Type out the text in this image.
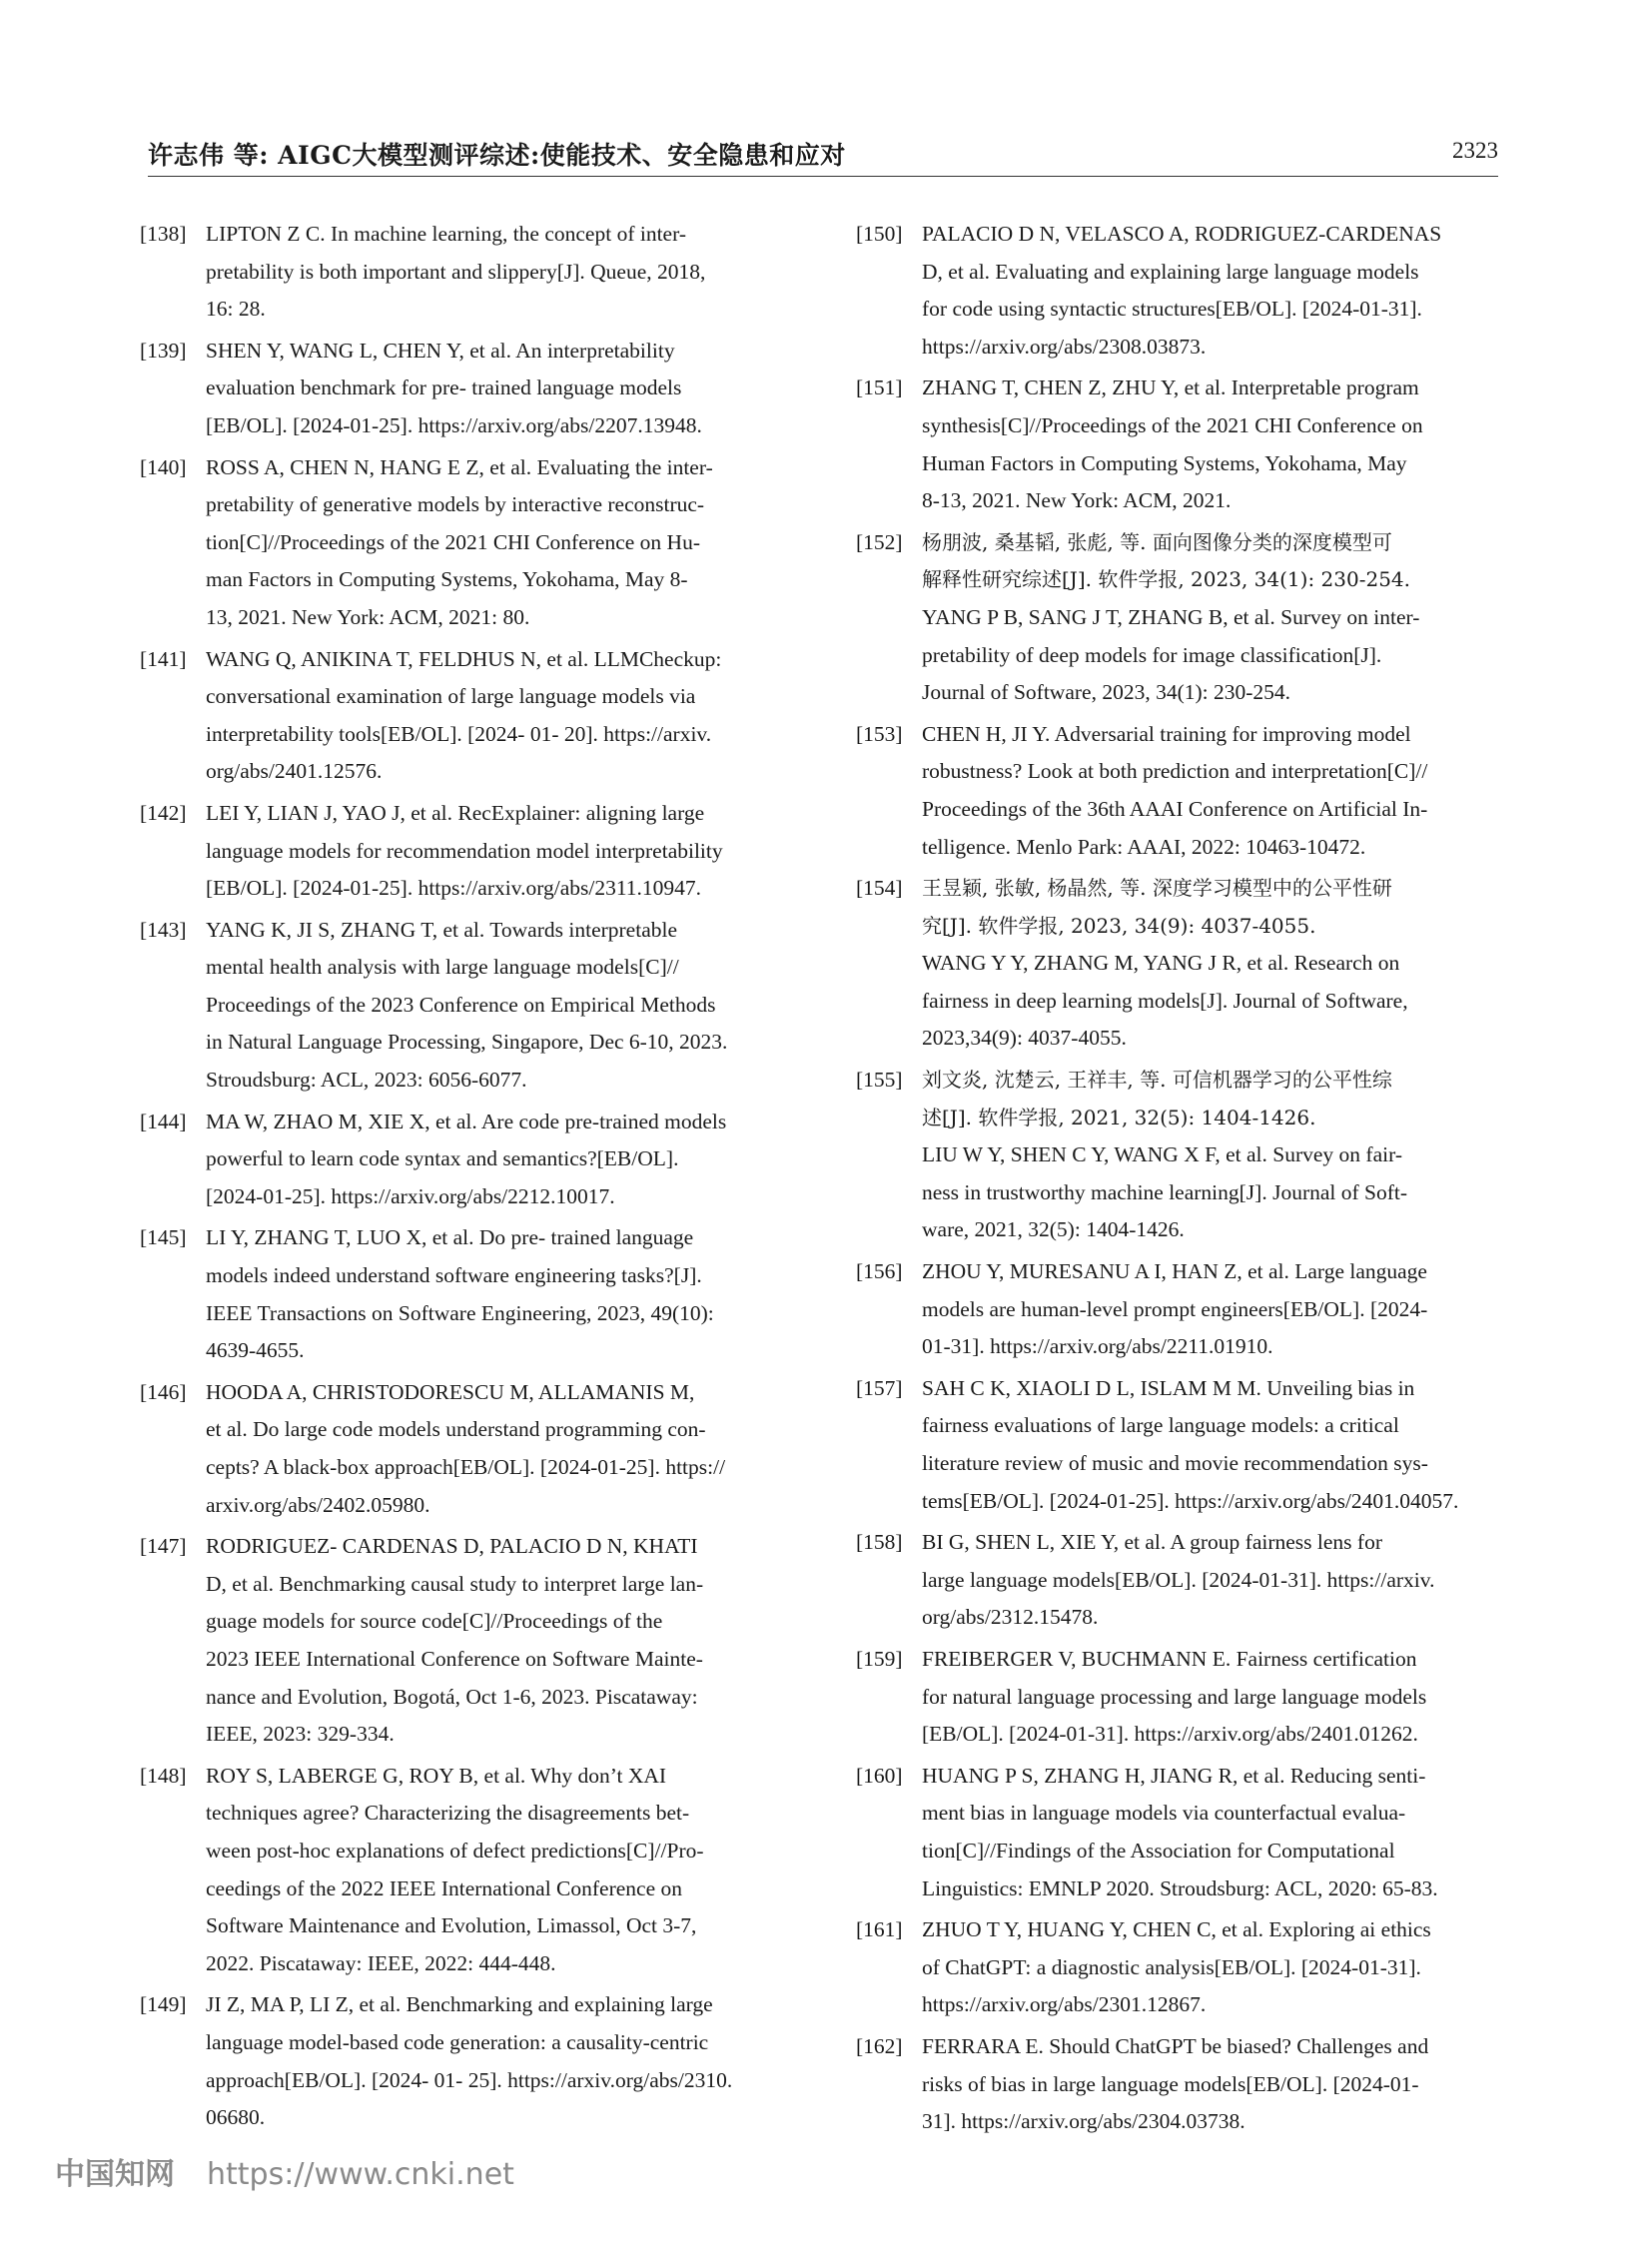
许志伟 等: AIGC大模型测评综述:使能技术、安全隐患和应对	2323
[138] LIPTON Z C. In machine learning, the concept of inter-
pretability is both important and slippery[J]. Queue, 2018,
16: 28.
[139] SHEN Y, WANG L, CHEN Y, et al. An interpretability
evaluation benchmark for pre- trained language models
[EB/OL]. [2024-01-25]. https://arxiv.org/abs/2207.13948.
[140] ROSS A, CHEN N, HANG E Z, et al. Evaluating the inter-
pretability of generative models by interactive reconstruc-
tion[C]//Proceedings of the 2021 CHI Conference on Hu-
man Factors in Computing Systems, Yokohama, May 8-
13, 2021. New York: ACM, 2021: 80.
[141] WANG Q, ANIKINA T, FELDHUS N, et al. LLMCheckup:
conversational examination of large language models via
interpretability tools[EB/OL]. [2024- 01- 20]. https://arxiv.
org/abs/2401.12576.
[142] LEI Y, LIAN J, YAO J, et al. RecExplainer: aligning large
language models for recommendation model interpretability
[EB/OL]. [2024-01-25]. https://arxiv.org/abs/2311.10947.
[143] YANG K, JI S, ZHANG T, et al. Towards interpretable
mental health analysis with large language models[C]//
Proceedings of the 2023 Conference on Empirical Methods
in Natural Language Processing, Singapore, Dec 6-10, 2023.
Stroudsburg: ACL, 2023: 6056-6077.
[144] MA W, ZHAO M, XIE X, et al. Are code pre-trained models
powerful to learn code syntax and semantics?[EB/OL].
[2024-01-25]. https://arxiv.org/abs/2212.10017.
[145] LI Y, ZHANG T, LUO X, et al. Do pre- trained language
models indeed understand software engineering tasks?[J].
IEEE Transactions on Software Engineering, 2023, 49(10):
4639-4655.
[146] HOODA A, CHRISTODORESCU M, ALLAMANIS M,
et al. Do large code models understand programming con-
cepts? A black-box approach[EB/OL]. [2024-01-25]. https://
arxiv.org/abs/2402.05980.
[147] RODRIGUEZ- CARDENAS D, PALACIO D N, KHATI
D, et al. Benchmarking causal study to interpret large lan-
guage models for source code[C]//Proceedings of the
2023 IEEE International Conference on Software Mainte-
nance and Evolution, Bogotá, Oct 1-6, 2023. Piscataway:
IEEE, 2023: 329-334.
[148] ROY S, LABERGE G, ROY B, et al. Why don’t XAI
techniques agree? Characterizing the disagreements bet-
ween post-hoc explanations of defect predictions[C]//Pro-
ceedings of the 2022 IEEE International Conference on
Software Maintenance and Evolution, Limassol, Oct 3-7,
2022. Piscataway: IEEE, 2022: 444-448.
[149] JI Z, MA P, LI Z, et al. Benchmarking and explaining large
language model-based code generation: a causality-centric
approach[EB/OL]. [2024- 01- 25]. https://arxiv.org/abs/2310.
06680.
[150] PALACIO D N, VELASCO A, RODRIGUEZ-CARDENAS
D, et al. Evaluating and explaining large language models
for code using syntactic structures[EB/OL]. [2024-01-31].
https://arxiv.org/abs/2308.03873.
[151] ZHANG T, CHEN Z, ZHU Y, et al. Interpretable program
synthesis[C]//Proceedings of the 2021 CHI Conference on
Human Factors in Computing Systems, Yokohama, May
8-13, 2021. New York: ACM, 2021.
[152] 杨朋波, 桑基韬, 张彪, 等. 面向图像分类的深度模型可
解释性研究综述[J]. 软件学报, 2023, 34(1): 230-254.
YANG P B, SANG J T, ZHANG B, et al. Survey on inter-
pretability of deep models for image classification[J].
Journal of Software, 2023, 34(1): 230-254.
[153] CHEN H, JI Y. Adversarial training for improving model
robustness? Look at both prediction and interpretation[C]//
Proceedings of the 36th AAAI Conference on Artificial In-
telligence. Menlo Park: AAAI, 2022: 10463-10472.
[154] 王昱颖, 张敏, 杨晶然, 等. 深度学习模型中的公平性研
究[J]. 软件学报, 2023, 34(9): 4037-4055.
WANG Y Y, ZHANG M, YANG J R, et al. Research on
fairness in deep learning models[J]. Journal of Software,
2023,34(9): 4037-4055.
[155] 刘文炎, 沈楚云, 王祥丰, 等. 可信机器学习的公平性综
述[J]. 软件学报, 2021, 32(5): 1404-1426.
LIU W Y, SHEN C Y, WANG X F, et al. Survey on fair-
ness in trustworthy machine learning[J]. Journal of Soft-
ware, 2021, 32(5): 1404-1426.
[156] ZHOU Y, MURESANU A I, HAN Z, et al. Large language
models are human-level prompt engineers[EB/OL]. [2024-
01-31]. https://arxiv.org/abs/2211.01910.
[157] SAH C K, XIAOLI D L, ISLAM M M. Unveiling bias in
fairness evaluations of large language models: a critical
literature review of music and movie recommendation sys-
tems[EB/OL]. [2024-01-25]. https://arxiv.org/abs/2401.04057.
[158] BI G, SHEN L, XIE Y, et al. A group fairness lens for
large language models[EB/OL]. [2024-01-31]. https://arxiv.
org/abs/2312.15478.
[159] FREIBERGER V, BUCHMANN E. Fairness certification
for natural language processing and large language models
[EB/OL]. [2024-01-31]. https://arxiv.org/abs/2401.01262.
[160] HUANG P S, ZHANG H, JIANG R, et al. Reducing senti-
ment bias in language models via counterfactual evalua-
tion[C]//Findings of the Association for Computational
Linguistics: EMNLP 2020. Stroudsburg: ACL, 2020: 65-83.
[161] ZHUO T Y, HUANG Y, CHEN C, et al. Exploring ai ethics
of ChatGPT: a diagnostic analysis[EB/OL]. [2024-01-31].
https://arxiv.org/abs/2301.12867.
[162] FERRARA E. Should ChatGPT be biased? Challenges and
risks of bias in large language models[EB/OL]. [2024-01-
31]. https://arxiv.org/abs/2304.03738.
中国知网 https://www.cnki.net
